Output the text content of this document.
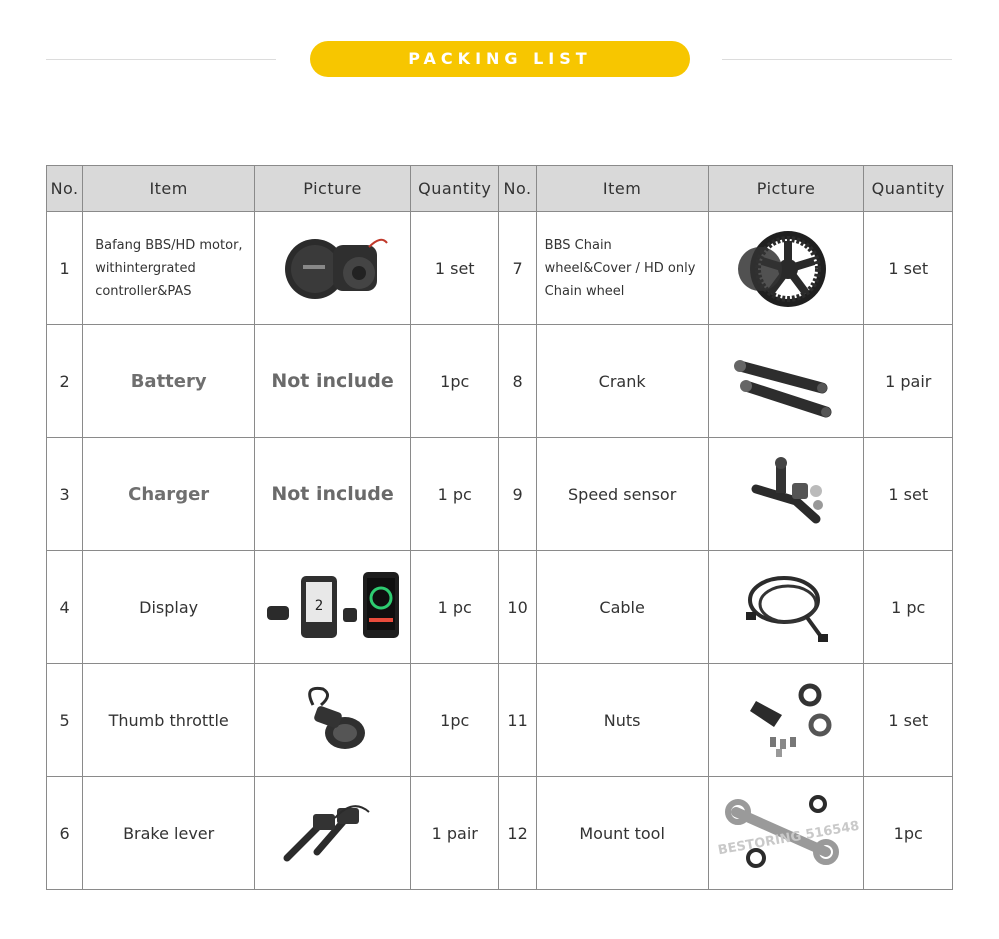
PACKING LIST
No.	Item	Picture	Quantity	No.	Item	Picture	Quantity
1	Bafang BBS/HD motor, withintergrated controller&PAS		1 set	7	BBS Chain wheel&Cover / HD only Chain wheel		1 set
2	Battery	Not include	1pc	8	Crank		1 pair
3	Charger	Not include	1 pc	9	Speed sensor		1 set
4	Display	2	1 pc	10	Cable		1 pc
5	Thumb throttle		1pc	11	Nuts		1 set
6	Brake lever		1 pair	12	Mount tool	BESTORING 516548	1pc
